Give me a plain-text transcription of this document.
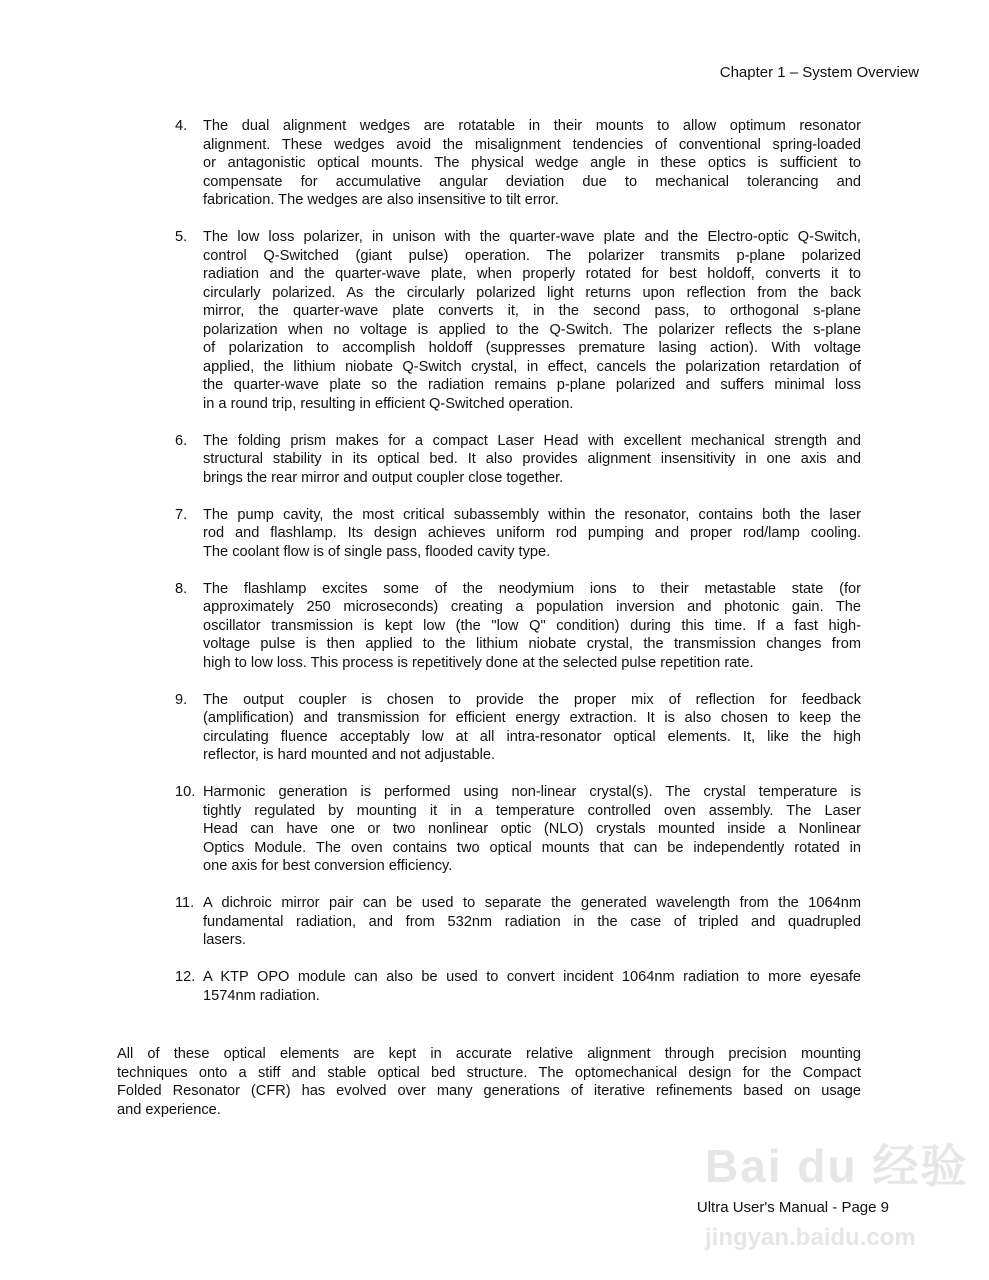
Chapter 1 – System Overview
4.	The dual alignment wedges are rotatable in their mounts to allow optimum resonator
alignment. These wedges avoid the misalignment tendencies of conventional spring-loaded
or antagonistic optical mounts. The physical wedge angle in these optics is sufficient to
compensate for accumulative angular deviation due to mechanical tolerancing and
fabrication. The wedges are also insensitive to tilt error.
5.	The low loss polarizer, in unison with the quarter-wave plate and the Electro-optic Q-Switch,
control Q-Switched (giant pulse) operation. The polarizer transmits p-plane polarized
radiation and the quarter-wave plate, when properly rotated for best holdoff, converts it to
circularly polarized. As the circularly polarized light returns upon reflection from the back
mirror, the quarter-wave plate converts it, in the second pass, to orthogonal s-plane
polarization when no voltage is applied to the Q-Switch. The polarizer reflects the s-plane
of polarization to accomplish holdoff (suppresses premature lasing action). With voltage
applied, the lithium niobate Q-Switch crystal, in effect, cancels the polarization retardation of
the quarter-wave plate so the radiation remains p-plane polarized and suffers minimal loss
in a round trip, resulting in efficient Q-Switched operation.
6.	The folding prism makes for a compact Laser Head with excellent mechanical strength and
structural stability in its optical bed. It also provides alignment insensitivity in one axis and
brings the rear mirror and output coupler close together.
7.	The pump cavity, the most critical subassembly within the resonator, contains both the laser
rod and flashlamp. Its design achieves uniform rod pumping and proper rod/lamp cooling.
The coolant flow is of single pass, flooded cavity type.
8.	The flashlamp excites some of the neodymium ions to their metastable state (for
approximately 250 microseconds) creating a population inversion and photonic gain. The
oscillator transmission is kept low (the "low Q" condition) during this time. If a fast high-
voltage pulse is then applied to the lithium niobate crystal, the transmission changes from
high to low loss. This process is repetitively done at the selected pulse repetition rate.
9.	The output coupler is chosen to provide the proper mix of reflection for feedback
(amplification) and transmission for efficient energy extraction. It is also chosen to keep the
circulating fluence acceptably low at all intra-resonator optical elements. It, like the high
reflector, is hard mounted and not adjustable.
10. Harmonic generation is performed using non-linear crystal(s). The crystal temperature is
tightly regulated by mounting it in a temperature controlled oven assembly. The Laser
Head can have one or two nonlinear optic (NLO) crystals mounted inside a Nonlinear
Optics Module. The oven contains two optical mounts that can be independently rotated in
one axis for best conversion efficiency.
11. A dichroic mirror pair can be used to separate the generated wavelength from the 1064nm
fundamental radiation, and from 532nm radiation in the case of tripled and quadrupled
lasers.
12. A KTP OPO module can also be used to convert incident 1064nm radiation to more eyesafe
1574nm radiation.
All of these optical elements are kept in accurate relative alignment through precision mounting
techniques onto a stiff and stable optical bed structure. The optomechanical design for the Compact
Folded Resonator (CFR) has evolved over many generations of iterative refinements based on usage
and experience.
Bai du 经验
jingyan.baidu.com
Ultra User's Manual - Page 9
